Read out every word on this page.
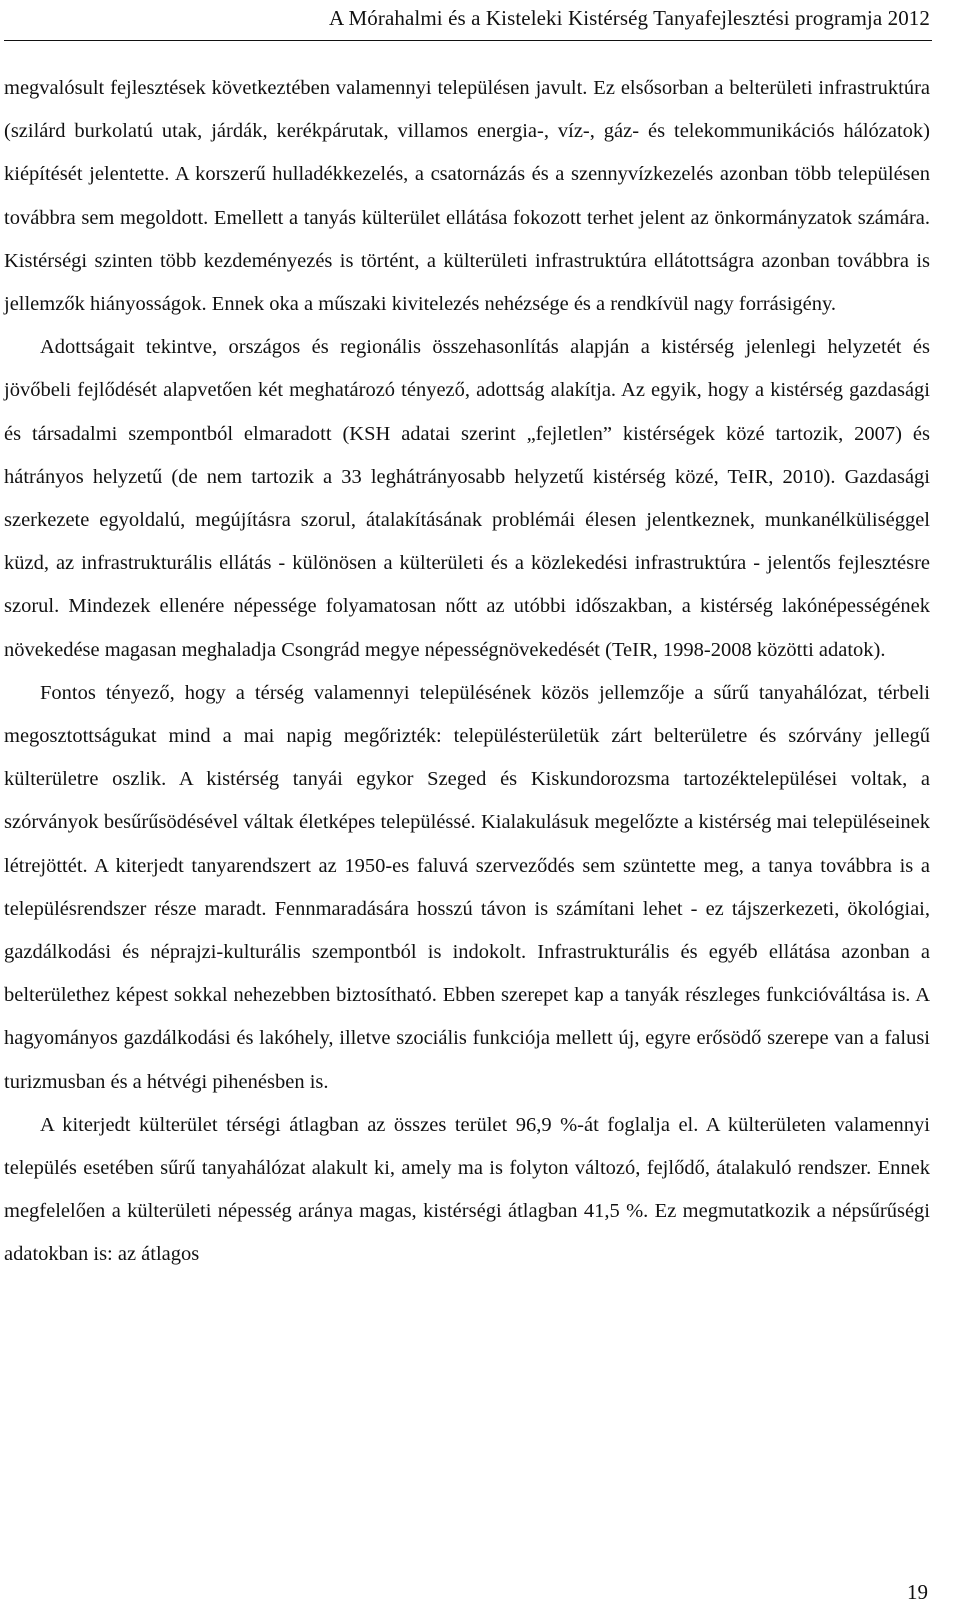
A Mórahalmi és a Kisteleki Kistérség Tanyafejlesztési programja 2012

megvalósult fejlesztések következtében valamennyi településen javult. Ez elsősorban a belterületi infrastruktúra (szilárd burkolatú utak, járdák, kerékpárutak, villamos energia-, víz-, gáz- és telekommunikációs hálózatok) kiépítését jelentette. A korszerű hulladékkezelés, a csatornázás és a szennyvízkezelés azonban több településen továbbra sem megoldott. Emellett a tanyás külterület ellátása fokozott terhet jelent az önkormányzatok számára. Kistérségi szinten több kezdeményezés is történt, a külterületi infrastruktúra ellátottságra azonban továbbra is jellemzők hiányosságok. Ennek oka a műszaki kivitelezés nehézsége és a rendkívül nagy forrásigény.

Adottságait tekintve, országos és regionális összehasonlítás alapján a kistérség jelenlegi helyzetét és jövőbeli fejlődését alapvetően két meghatározó tényező, adottság alakítja. Az egyik, hogy a kistérség gazdasági és társadalmi szempontból elmaradott (KSH adatai szerint „fejletlen” kistérségek közé tartozik, 2007) és hátrányos helyzetű (de nem tartozik a 33 leghátrányosabb helyzetű kistérség közé, TeIR, 2010). Gazdasági szerkezete egyoldalú, megújításra szorul, átalakításának problémái élesen jelentkeznek, munkanélküliséggel küzd, az infrastrukturális ellátás - különösen a külterületi és a közlekedési infrastruktúra - jelentős fejlesztésre szorul. Mindezek ellenére népessége folyamatosan nőtt az utóbbi időszakban, a kistérség lakónépességének növekedése magasan meghaladja Csongrád megye népességnövekedését (TeIR, 1998-2008 közötti adatok).

Fontos tényező, hogy a térség valamennyi településének közös jellemzője a sűrű tanyahálózat, térbeli megosztottságukat mind a mai napig megőrizték: településterületük zárt belterületre és szórvány jellegű külterületre oszlik. A kistérség tanyái egykor Szeged és Kiskundorozsma tartozéktelepülései voltak, a szórványok besűrűsödésével váltak életképes településsé. Kialakulásuk megelőzte a kistérség mai településeinek létrejöttét. A kiterjedt tanyarendszert az 1950-es faluvá szerveződés sem szüntette meg, a tanya továbbra is a településrendszer része maradt. Fennmaradására hosszú távon is számítani lehet - ez tájszerkezeti, ökológiai, gazdálkodási és néprajzi-kulturális szempontból is indokolt. Infrastrukturális és egyéb ellátása azonban a belterülethez képest sokkal nehezebben biztosítható. Ebben szerepet kap a tanyák részleges funkcióváltása is. A hagyományos gazdálkodási és lakóhely, illetve szociális funkciója mellett új, egyre erősödő szerepe van a falusi turizmusban és a hétvégi pihenésben is.

A kiterjedt külterület térségi átlagban az összes terület 96,9 %-át foglalja el. A külterületen valamennyi település esetében sűrű tanyahálózat alakult ki, amely ma is folyton változó, fejlődő, átalakuló rendszer. Ennek megfelelően a külterületi népesség aránya magas, kistérségi átlagban 41,5 %. Ez megmutatkozik a népsűrűségi adatokban is: az átlagos

19
